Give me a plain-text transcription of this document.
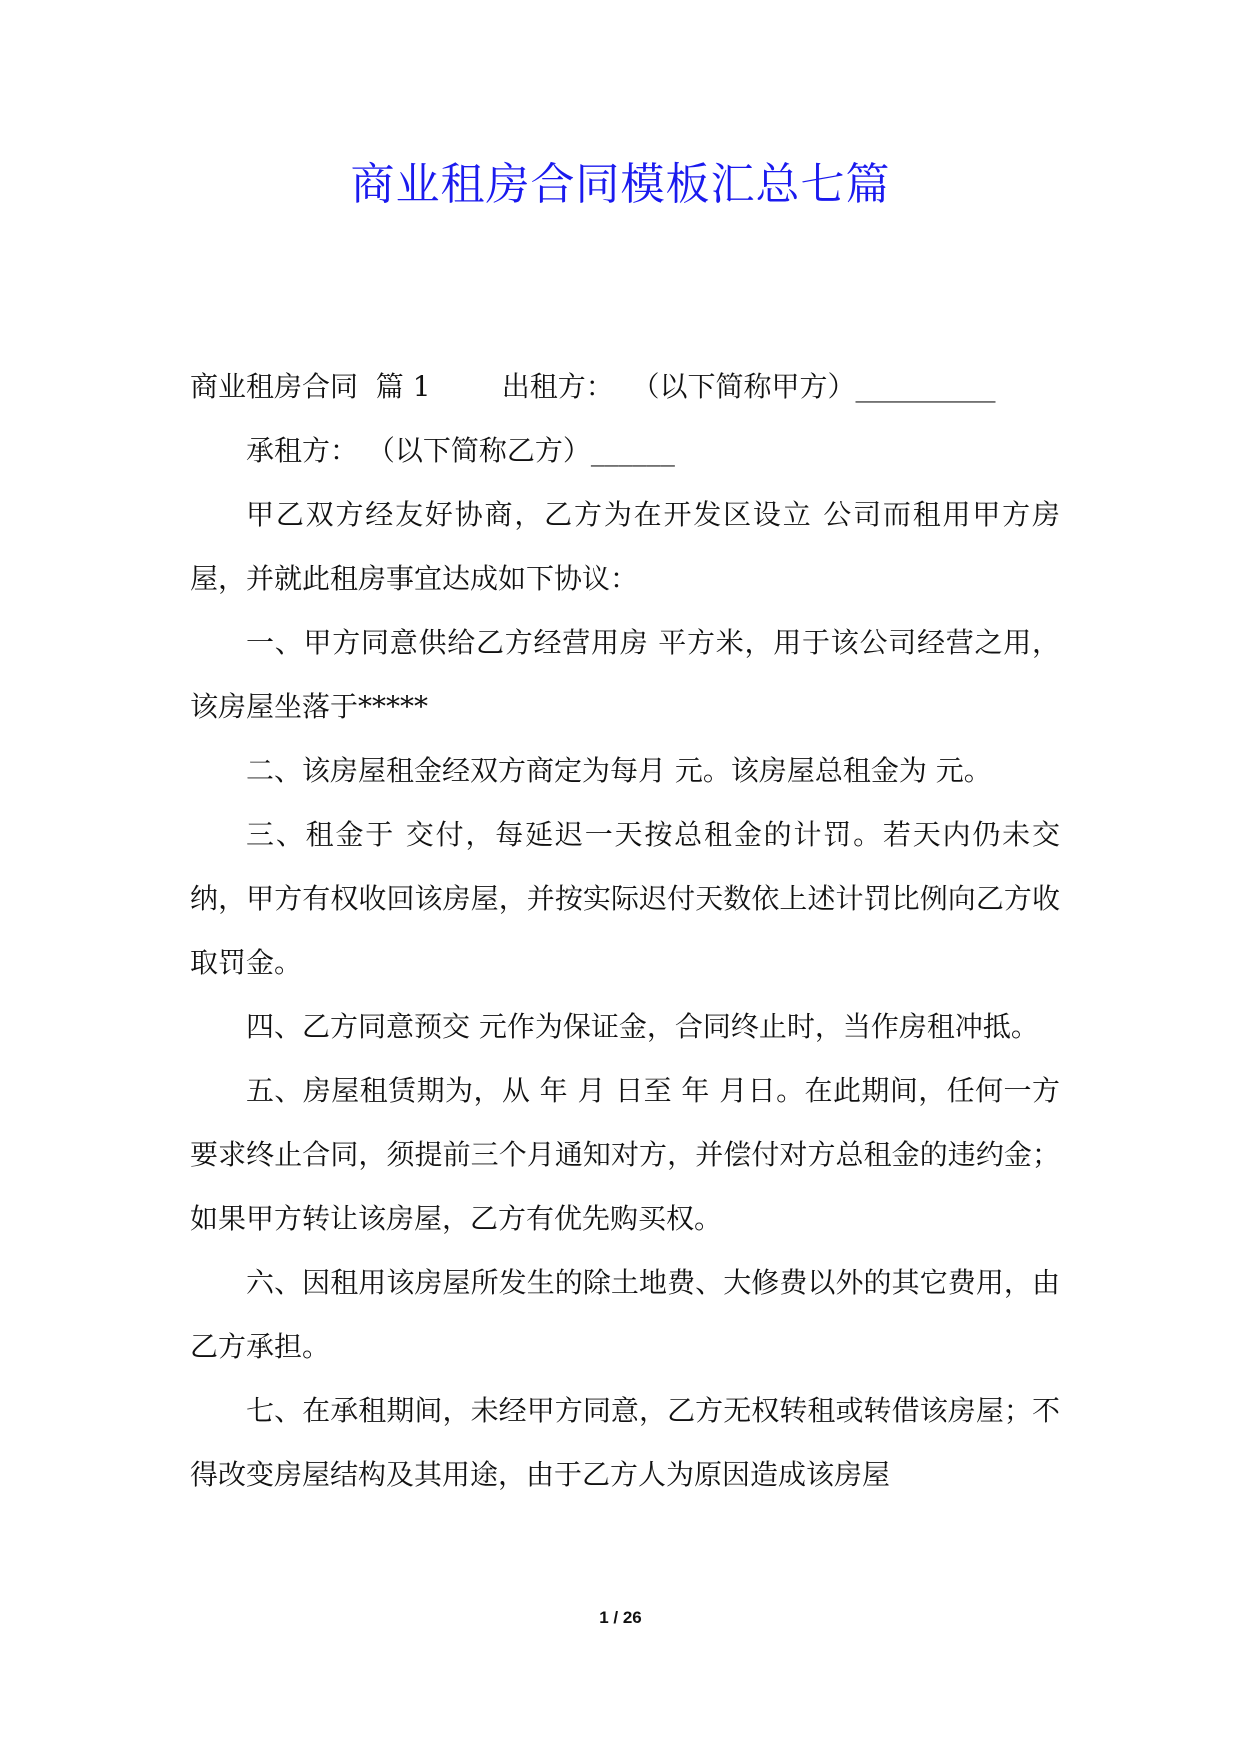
商业租房合同模板汇总七篇

商业租房合同  篇 1        出租方：  （以下简称甲方）__________

承租方： （以下简称乙方）______

甲乙双方经友好协商，乙方为在开发区设立 公司而租用甲方房屋，并就此租房事宜达成如下协议：

一、甲方同意供给乙方经营用房 平方米，用于该公司经营之用，该房屋坐落于*****

二、该房屋租金经双方商定为每月 元。该房屋总租金为 元。

三、租金于 交付，每延迟一天按总租金的计罚。若天内仍未交纳，甲方有权收回该房屋，并按实际迟付天数依上述计罚比例向乙方收取罚金。

四、乙方同意预交 元作为保证金，合同终止时，当作房租冲抵。

五、房屋租赁期为，从 年 月 日至 年 月日。在此期间，任何一方要求终止合同，须提前三个月通知对方，并偿付对方总租金的违约金；如果甲方转让该房屋，乙方有优先购买权。

六、因租用该房屋所发生的除土地费、大修费以外的其它费用，由乙方承担。

七、在承租期间，未经甲方同意，乙方无权转租或转借该房屋；不得改变房屋结构及其用途，由于乙方人为原因造成该房屋

1 / 26
